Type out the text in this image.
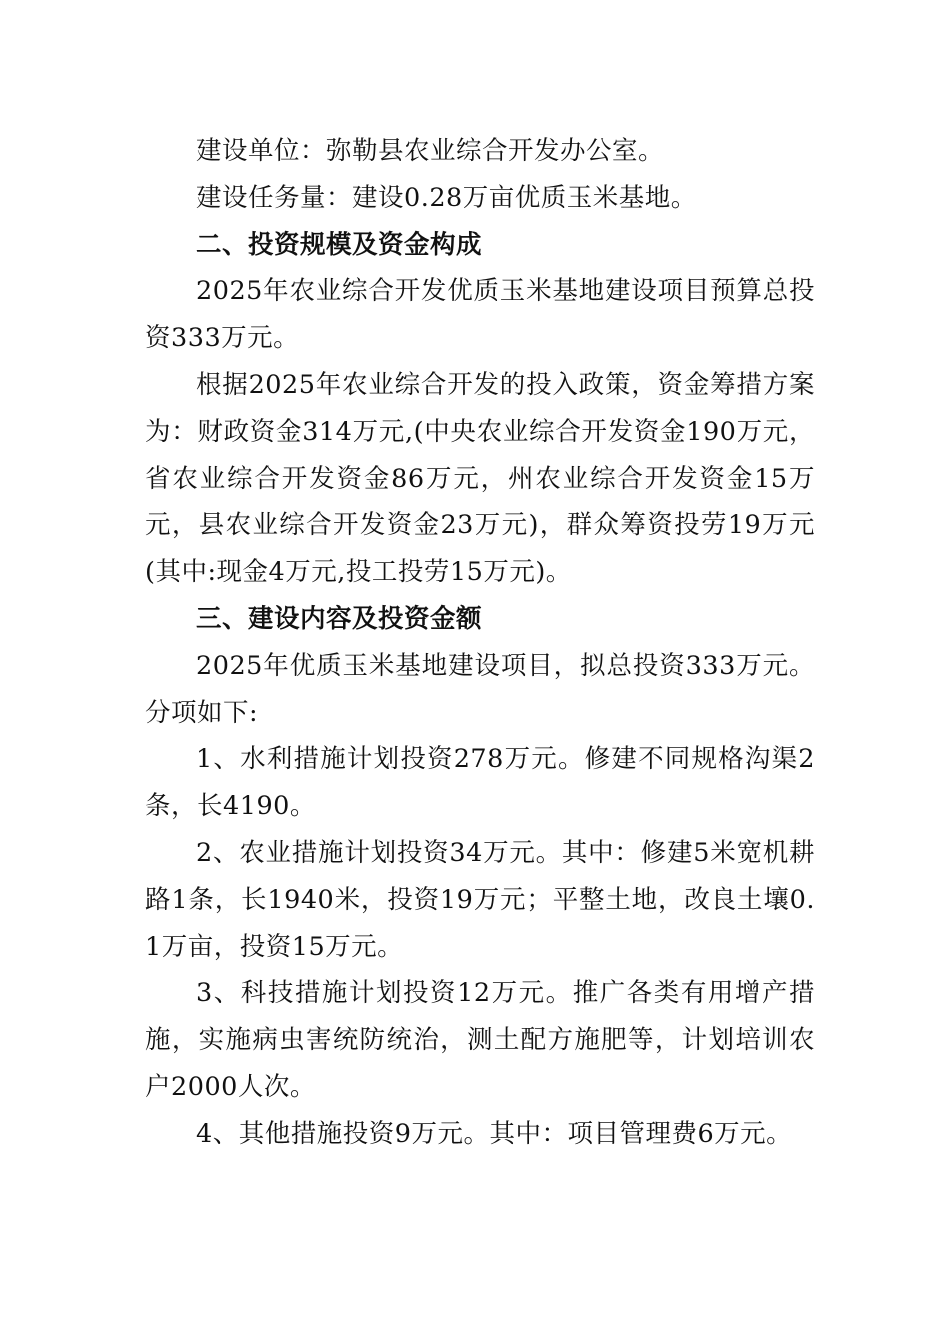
建设单位：弥勒县农业综合开发办公室。

建设任务量：建设0.28万亩优质玉米基地。

二、投资规模及资金构成

2025年农业综合开发优质玉米基地建设项目预算总投资333万元。

根据2025年农业综合开发的投入政策，资金筹措方案为：财政资金314万元,(中央农业综合开发资金190万元，省农业综合开发资金86万元，州农业综合开发资金15万元，县农业综合开发资金23万元)，群众筹资投劳19万元(其中:现金4万元,投工投劳15万元)。

三、建设内容及投资金额

2025年优质玉米基地建设项目，拟总投资333万元。分项如下:

1、水利措施计划投资278万元。修建不同规格沟渠2条，长4190。

2、农业措施计划投资34万元。其中：修建5米宽机耕路1条，长1940米，投资19万元；平整土地，改良土壤0.1万亩，投资15万元。

3、科技措施计划投资12万元。推广各类有用增产措施，实施病虫害统防统治，测土配方施肥等，计划培训农户2000人次。

4、其他措施投资9万元。其中：项目管理费6万元。
